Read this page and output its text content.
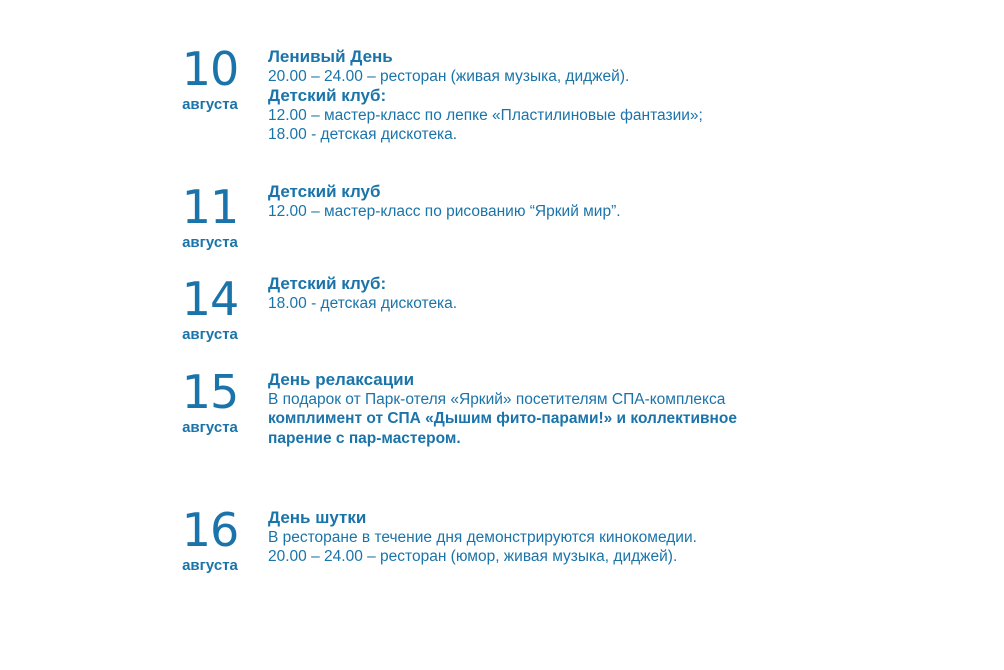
10
августа
Ленивый День
20.00 – 24.00 – ресторан (живая музыка, диджей).
Детский клуб:
12.00 – мастер-класс по лепке «Пластилиновые фантазии»;
18.00 - детская дискотека.
11
августа
Детский клуб
12.00 – мастер-класс по рисованию “Яркий мир”.
14
августа
Детский клуб:
18.00 - детская дискотека.
15
августа
День релаксации
В подарок от Парк-отеля «Яркий» посетителям СПА-комплекса
комплимент от СПА «Дышим фито-парами!» и коллективное
парение с пар-мастером.
16
августа
День шутки
В ресторане в течение дня демонстрируются кинокомедии.
20.00 – 24.00 – ресторан (юмор, живая музыка, диджей).
